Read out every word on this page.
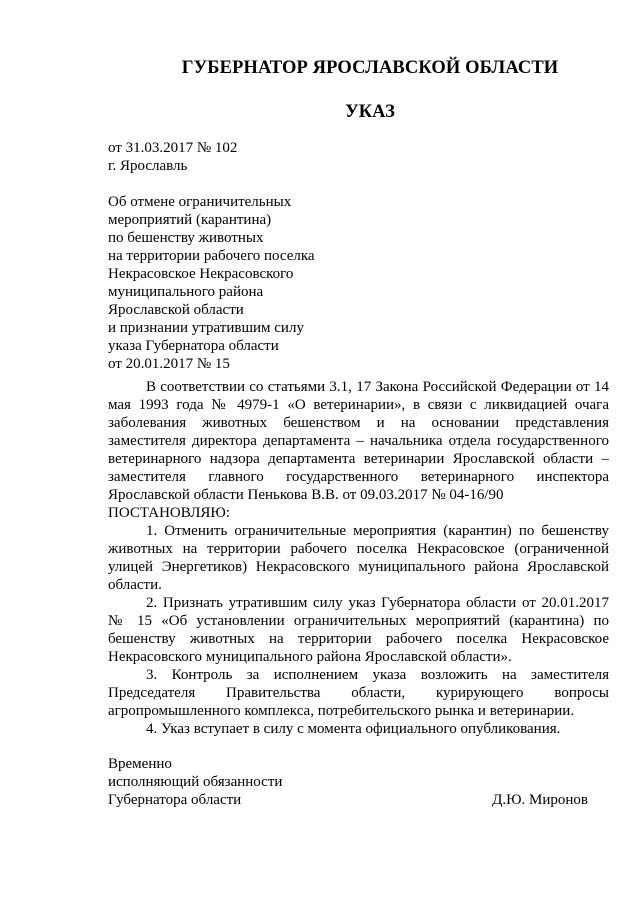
ГУБЕРНАТОР ЯРОСЛАВСКОЙ ОБЛАСТИ
УКАЗ
от 31.03.2017 № 102
г. Ярославль
Об отмене ограничительных
мероприятий (карантина)
по бешенству животных
на территории рабочего поселка
Некрасовское Некрасовского
муниципального района
Ярославской области
и признании утратившим силу
указа Губернатора области
от 20.01.2017 № 15

В соответствии со статьями 3.1, 17 Закона Российской Федерации от 14 мая 1993 года № 4979-1 «О ветеринарии», в связи с ликвидацией очага заболевания животных бешенством и на основании представления заместителя директора департамента – начальника отдела государственного ветеринарного надзора департамента ветеринарии Ярославской области – заместителя главного государственного ветеринарного инспектора Ярославской области Пенькова В.В. от 09.03.2017 № 04-16/90

ПОСТАНОВЛЯЮ:

1. Отменить ограничительные мероприятия (карантин) по бешенству животных на территории рабочего поселка Некрасовское (ограниченной улицей Энергетиков) Некрасовского муниципального района Ярославской области.

2. Признать утратившим силу указ Губернатора области от 20.01.2017 № 15 «Об установлении ограничительных мероприятий (карантина) по бешенству животных на территории рабочего поселка Некрасовское Некрасовского муниципального района Ярославской области».

3. Контроль за исполнением указа возложить на заместителя Председателя Правительства области, курирующего вопросы агропромышленного комплекса, потребительского рынка и ветеринарии.

4. Указ вступает в силу с момента официального опубликования.

Временно
исполняющий обязанности
Губернатора области	Д.Ю. Миронов
